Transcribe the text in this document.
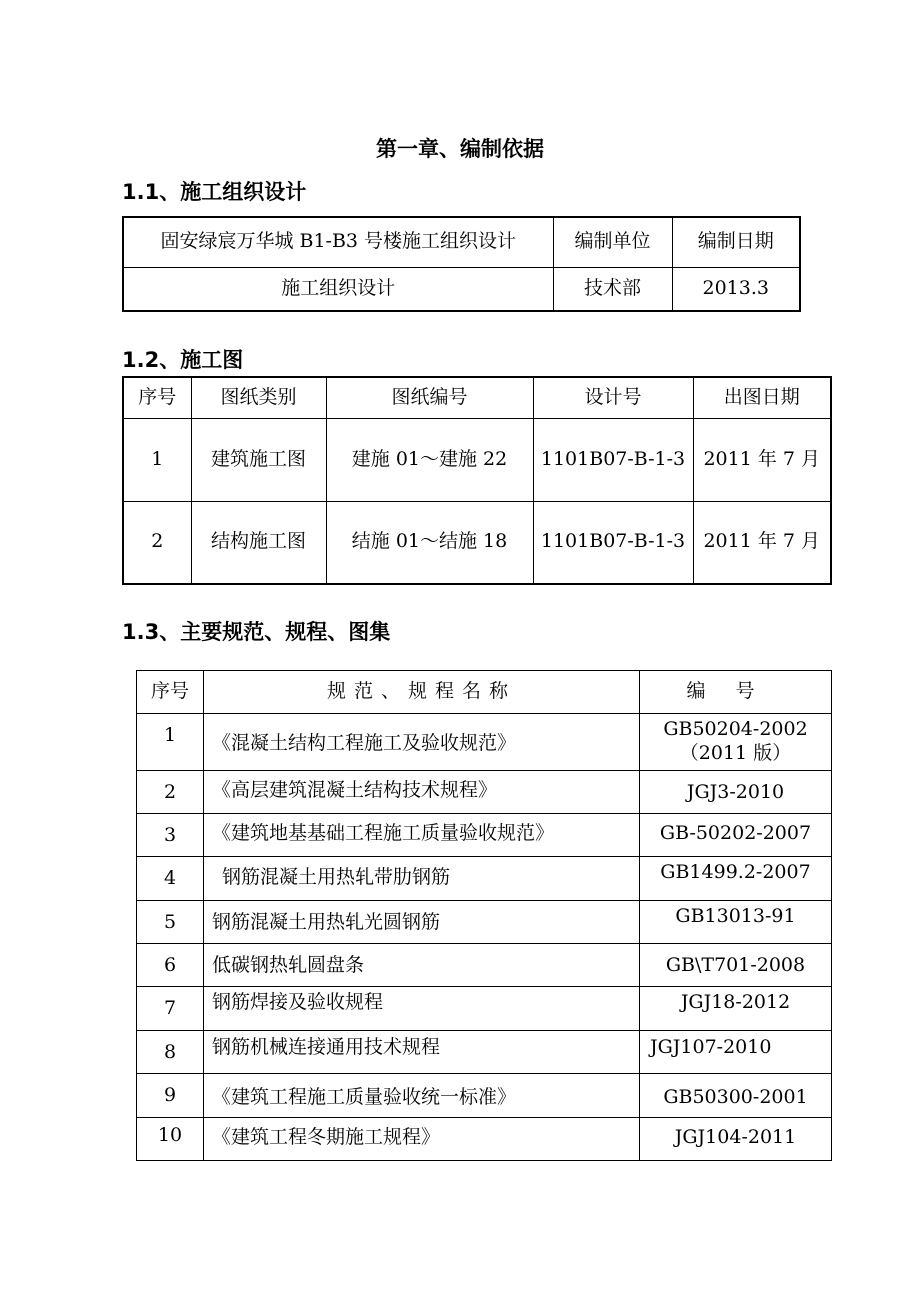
第一章、编制依据
1.1、施工组织设计
固安绿宸万华城 B1-B3 号楼施工组织设计	编制单位	编制日期
施工组织设计	技术部	2013.3
1.2、施工图
序号	图纸类别	图纸编号	设计号	出图日期
1	建筑施工图	建施 01～建施 22	1101B07-B-1-3	2011 年 7 月
2	结构施工图	结施 01～结施 18	1101B07-B-1-3	2011 年 7 月
1.3、主要规范、规程、图集
序号	规范、规程名称	编号
1	《混凝土结构工程施工及验收规范》	GB50204-2002
（2011 版）

2	《高层建筑混凝土结构技术规程》	JGJ3-2010
3	《建筑地基基础工程施工质量验收规范》	GB-50202-2007
4	钢筋混凝土用热轧带肋钢筋	GB1499.2-2007
5	钢筋混凝土用热轧光圆钢筋	GB13013-91
6	低碳钢热轧圆盘条	GB\T701-2008
7	钢筋焊接及验收规程	JGJ18-2012
8	钢筋机械连接通用技术规程	JGJ107-2010
9	《建筑工程施工质量验收统一标准》	GB50300-2001
10	《建筑工程冬期施工规程》	JGJ104-2011
